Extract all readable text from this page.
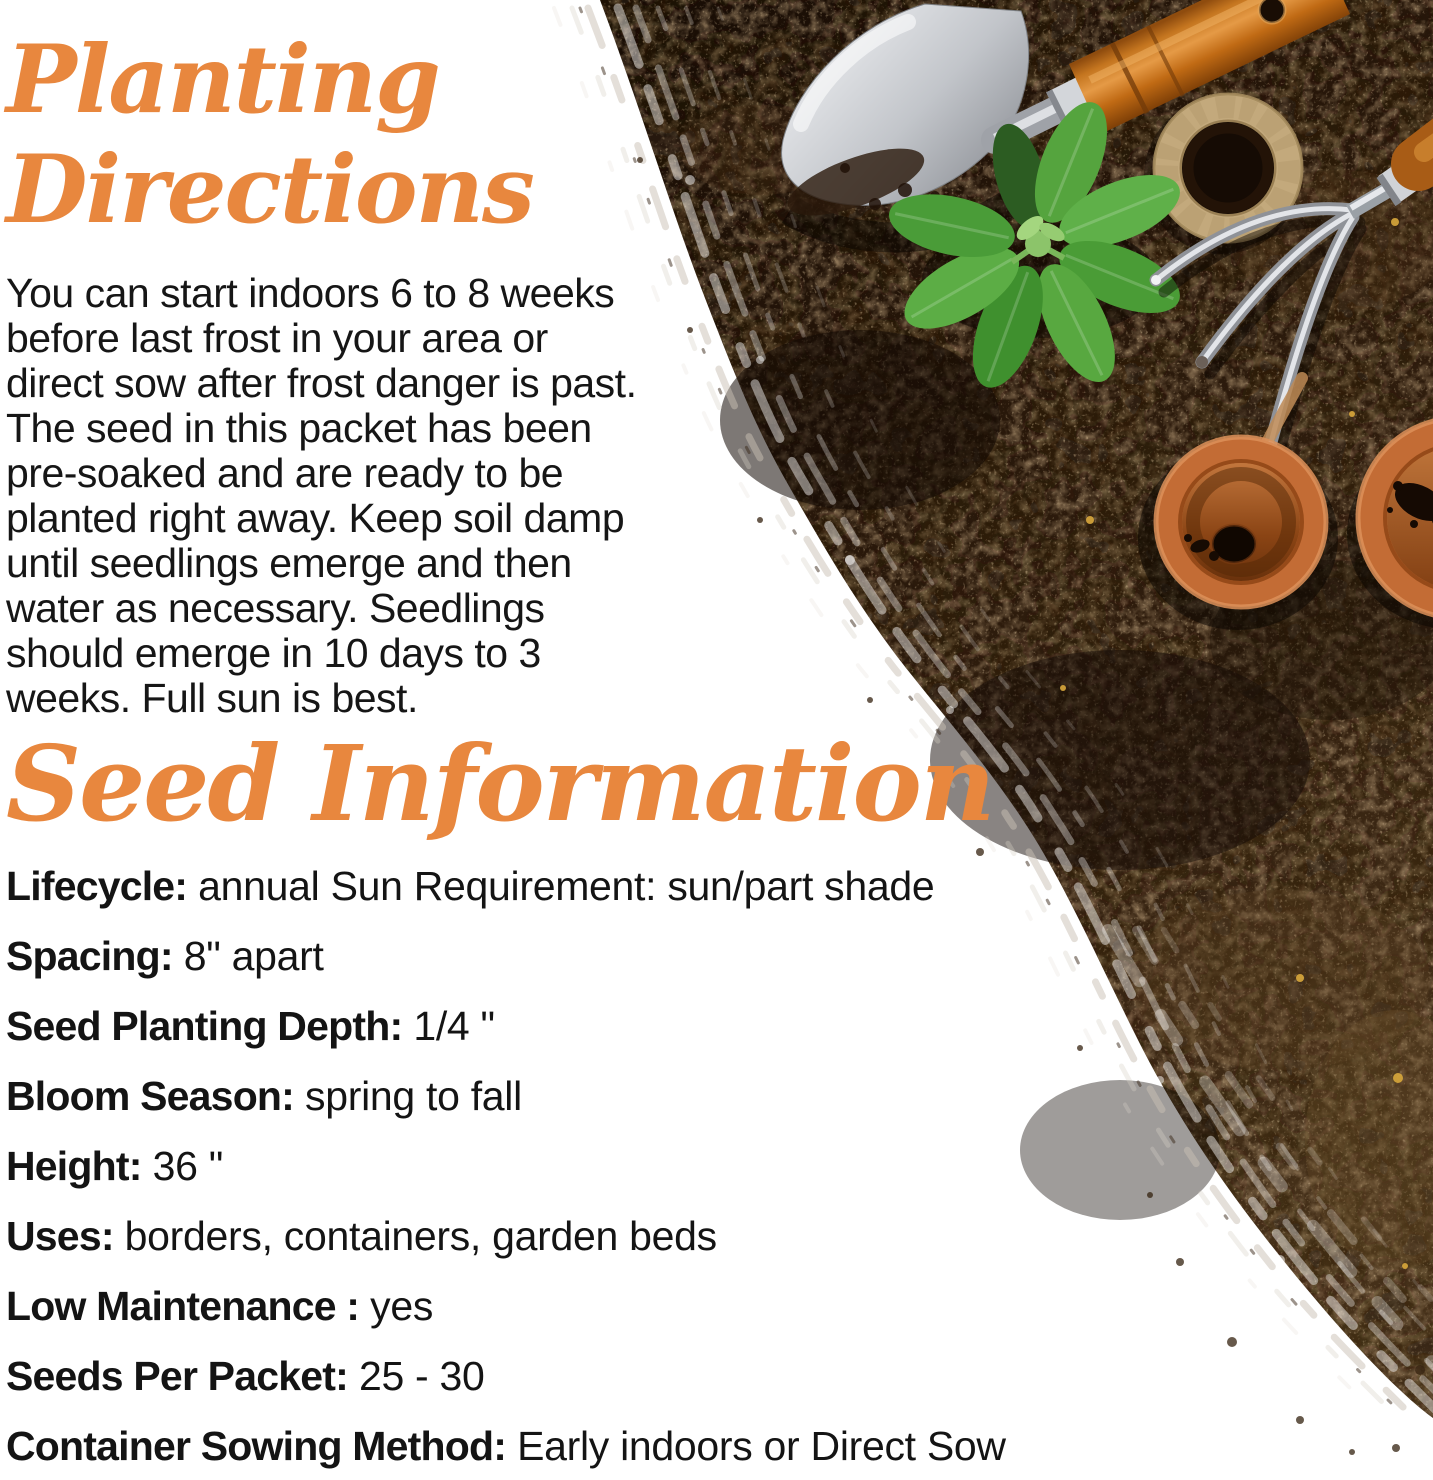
Planting
Directions
You can start indoors 6 to 8 weeks
before last frost in your area or
direct sow after frost danger is past.
The seed in this packet has been
pre-soaked and are ready to be
planted right away. Keep soil damp
until seedlings emerge and then
water as necessary. Seedlings
should emerge in 10 days to 3
weeks. Full sun is best.
Seed Information
Lifecycle: annual Sun Requirement: sun/part shade
Spacing: 8" apart
Seed Planting Depth: 1/4 "
Bloom Season: spring to fall
Height: 36 "
Uses: borders, containers, garden beds
Low Maintenance : yes
Seeds Per Packet: 25 - 30
Container Sowing Method: Early indoors or Direct Sow
